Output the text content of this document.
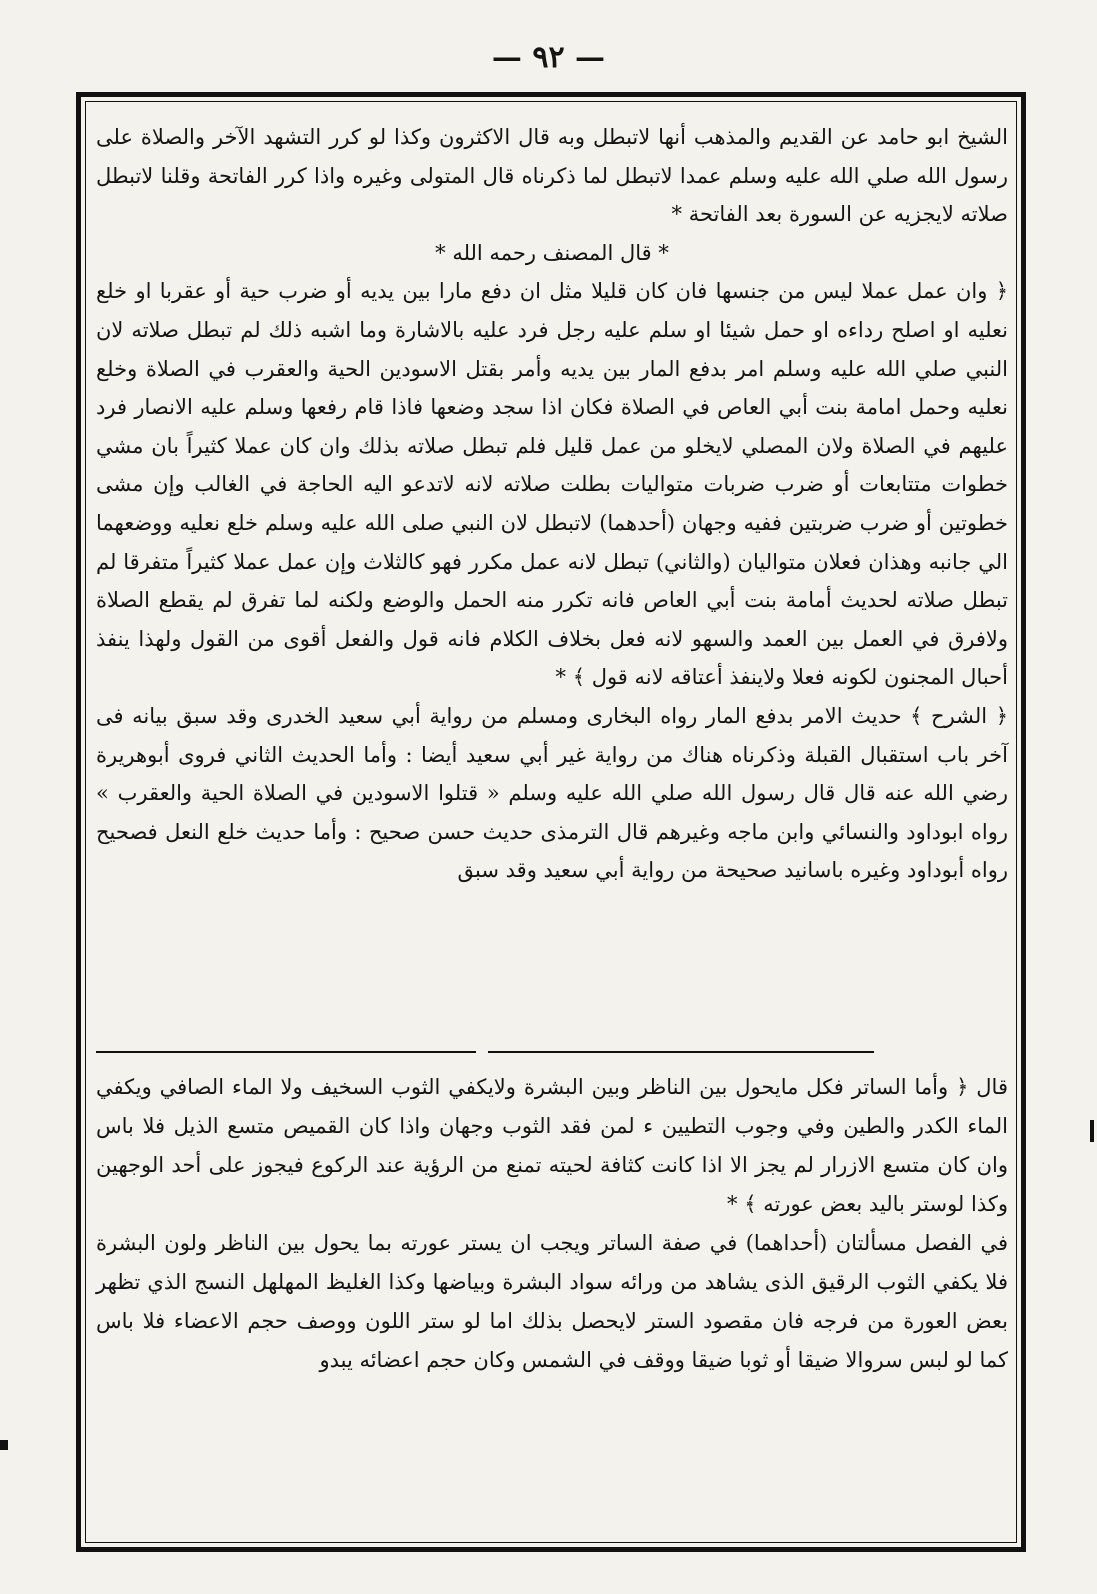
— ٩٢ —

الشيخ ابو حامد عن القديم والمذهب أنها لاتبطل وبه قال الاكثرون وكذا لو كرر التشهد الآخر والصلاة على رسول الله صلي الله عليه وسلم عمدا لاتبطل لما ذكرناه قال المتولى وغيره واذا كرر الفاتحة وقلنا لاتبطل صلاته لايجزيه عن السورة بعد الفاتحة *

* قال المصنف رحمه الله *

﴿ وان عمل عملا ليس من جنسها فان كان قليلا مثل ان دفع مارا بين يديه أو ضرب حية أو عقربا او خلع نعليه او اصلح رداءه او حمل شيئا او سلم عليه رجل فرد عليه بالاشارة وما اشبه ذلك لم تبطل صلاته لان النبي صلي الله عليه وسلم امر بدفع المار بين يديه وأمر بقتل الاسودين الحية والعقرب في الصلاة وخلع نعليه وحمل امامة بنت أبي العاص في الصلاة فكان اذا سجد وضعها فاذا قام رفعها وسلم عليه الانصار فرد عليهم في الصلاة ولان المصلي لايخلو من عمل قليل فلم تبطل صلاته بذلك وان كان عملا كثيراً بان مشي خطوات متتابعات أو ضرب ضربات متواليات بطلت صلاته لانه لاتدعو اليه الحاجة في الغالب وإن مشى خطوتين أو ضرب ضربتين ففيه وجهان (أحدهما) لاتبطل لان النبي صلى الله عليه وسلم خلع نعليه ووضعهما الي جانبه وهذان فعلان متواليان (والثاني) تبطل لانه عمل مكرر فهو كالثلاث وإن عمل عملا كثيراً متفرقا لم تبطل صلاته لحديث أمامة بنت أبي العاص فانه تكرر منه الحمل والوضع ولكنه لما تفرق لم يقطع الصلاة ولافرق في العمل بين العمد والسهو لانه فعل بخلاف الكلام فانه قول والفعل أقوى من القول ولهذا ينفذ أحبال المجنون لكونه فعلا ولاينفذ أعتاقه لانه قول ﴾ *

﴿ الشرح ﴾ حديث الامر بدفع المار رواه البخارى ومسلم من رواية أبي سعيد الخدرى وقد سبق بيانه فى آخر باب استقبال القبلة وذكرناه هناك من رواية غير أبي سعيد أيضا : وأما الحديث الثاني فروى أبوهريرة رضي الله عنه قال قال رسول الله صلي الله عليه وسلم « قتلوا الاسودين في الصلاة الحية والعقرب » رواه ابوداود والنسائي وابن ماجه وغيرهم قال الترمذى حديث حسن صحيح : وأما حديث خلع النعل فصحيح رواه أبوداود وغيره باسانيد صحيحة من رواية أبي سعيد وقد سبق

قال ﴿ وأما الساتر فكل مايحول بين الناظر وبين البشرة ولايكفي الثوب السخيف ولا الماء الصافي ويكفي الماء الكدر والطين وفي وجوب التطيين ء لمن فقد الثوب وجهان واذا كان القميص متسع الذيل فلا باس وان كان متسع الازرار لم يجز الا اذا كانت كثافة لحيته تمنع من الرؤية عند الركوع فيجوز على أحد الوجهين وكذا لوستر باليد بعض عورته ﴾ *

في الفصل مسألتان (أحداهما) في صفة الساتر ويجب ان يستر عورته بما يحول بين الناظر ولون البشرة فلا يكفي الثوب الرقيق الذى يشاهد من ورائه سواد البشرة وبياضها وكذا الغليظ المهلهل النسج الذي تظهر بعض العورة من فرجه فان مقصود الستر لايحصل بذلك اما لو ستر اللون ووصف حجم الاعضاء فلا باس كما لو لبس سروالا ضيقا أو ثوبا ضيقا ووقف في الشمس وكان حجم اعضائه يبدو
